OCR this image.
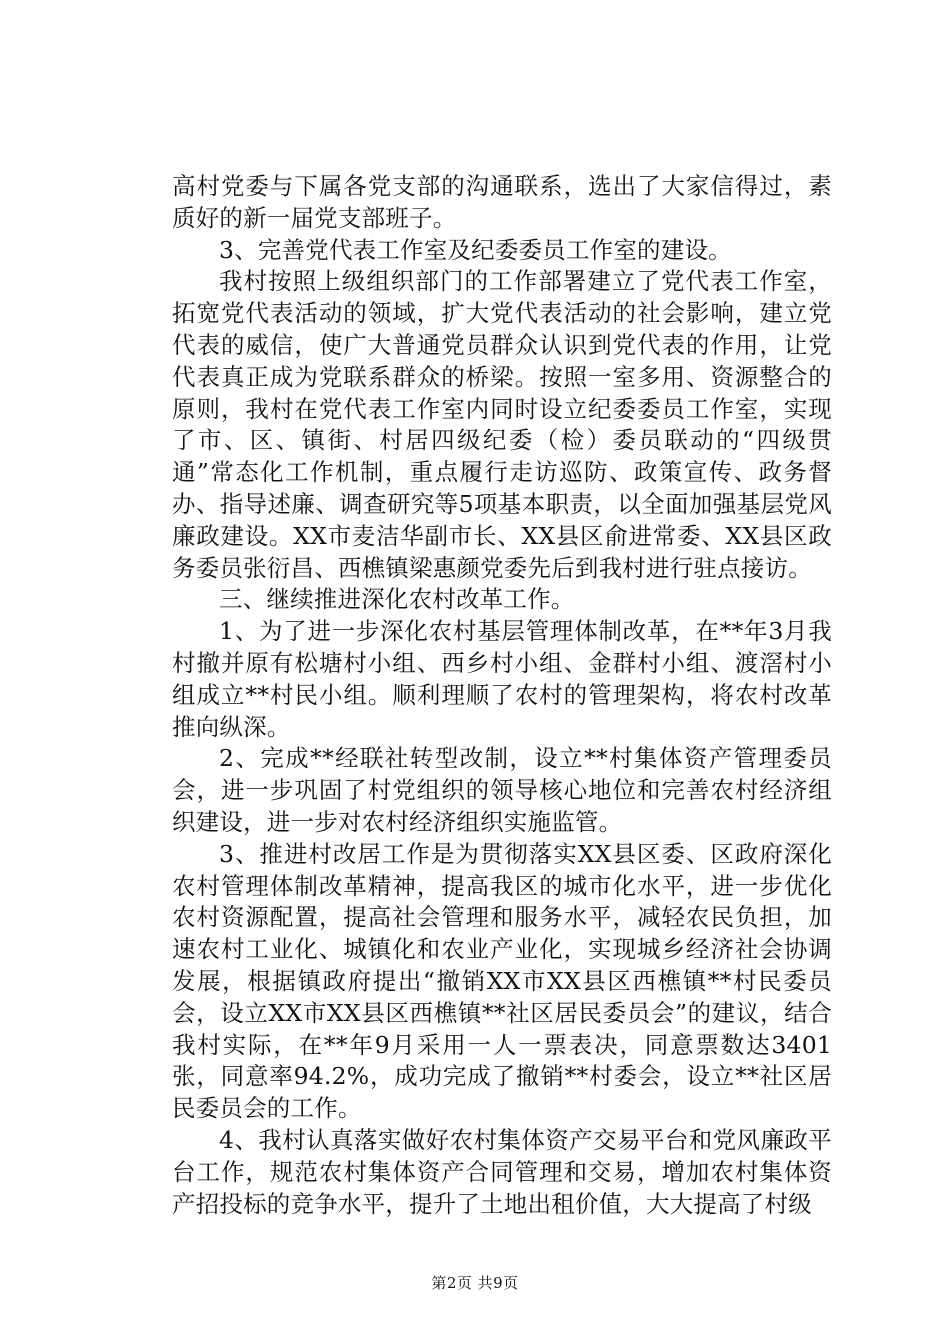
高村党委与下属各党支部的沟通联系，选出了大家信得过，素质好的新一届党支部班子。

3、完善党代表工作室及纪委委员工作室的建设。

我村按照上级组织部门的工作部署建立了党代表工作室，拓宽党代表活动的领域，扩大党代表活动的社会影响，建立党代表的威信，使广大普通党员群众认识到党代表的作用，让党代表真正成为党联系群众的桥梁。按照一室多用、资源整合的原则，我村在党代表工作室内同时设立纪委委员工作室，实现了市、区、镇街、村居四级纪委（检）委员联动的“四级贯通”常态化工作机制，重点履行走访巡防、政策宣传、政务督办、指导述廉、调查研究等5项基本职责，以全面加强基层党风廉政建设。XX市麦洁华副市长、XX县区俞进常委、XX县区政务委员张衍昌、西樵镇梁惠颜党委先后到我村进行驻点接访。

三、继续推进深化农村改革工作。

1、为了进一步深化农村基层管理体制改革，在**年3月我村撤并原有松塘村小组、西乡村小组、金群村小组、渡滘村小组成立**村民小组。顺利理顺了农村的管理架构，将农村改革推向纵深。

2、完成**经联社转型改制，设立**村集体资产管理委员会，进一步巩固了村党组织的领导核心地位和完善农村经济组织建设，进一步对农村经济组织实施监管。

3、推进村改居工作是为贯彻落实XX县区委、区政府深化农村管理体制改革精神，提高我区的城市化水平，进一步优化农村资源配置，提高社会管理和服务水平，减轻农民负担，加速农村工业化、城镇化和农业产业化，实现城乡经济社会协调发展，根据镇政府提出“撤销XX市XX县区西樵镇**村民委员会，设立XX市XX县区西樵镇**社区居民委员会”的建议，结合我村实际，在**年9月采用一人一票表决，同意票数达3401张，同意率94.2%，成功完成了撤销**村委会，设立**社区居民委员会的工作。

4、我村认真落实做好农村集体资产交易平台和党风廉政平台工作，规范农村集体资产合同管理和交易，增加农村集体资产招投标的竞争水平，提升了土地出租价值，大大提高了村级

第2页 共9页
